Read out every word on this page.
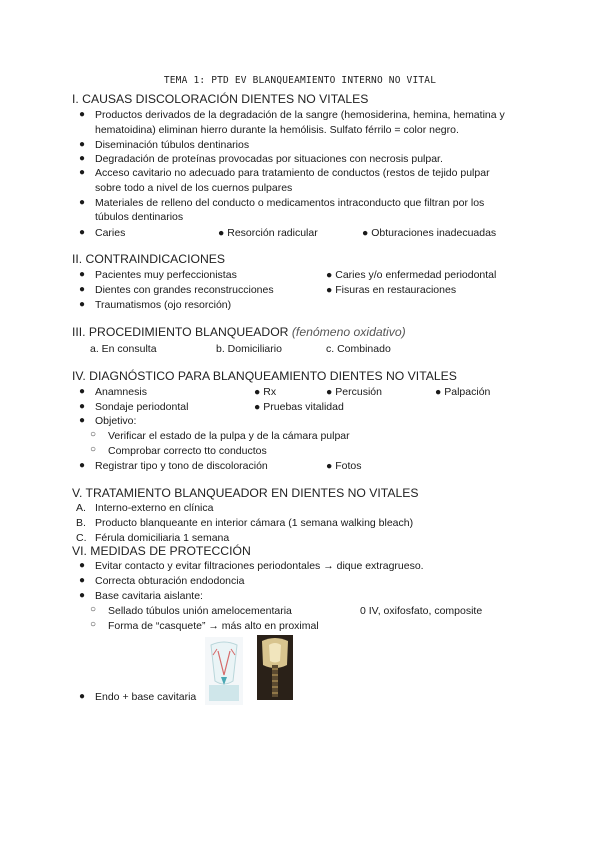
TEMA 1: PTD EV BLANQUEAMIENTO INTERNO NO VITAL
I. CAUSAS DISCOLORACIÓN DIENTES NO VITALES
● Productos derivados de la degradación de la sangre (hemosiderina, hemina, hematina y
hematoidina) eliminan hierro durante la hemólisis. Sulfato férrilo = color negro.
● Diseminación túbulos dentinarios
● Degradación de proteínas provocadas por situaciones con necrosis pulpar.
● Acceso cavitario no adecuado para tratamiento de conductos (restos de tejido pulpar
sobre todo a nivel de los cuernos pulpares
● Materiales de relleno del conducto o medicamentos intraconducto que filtran por los
túbulos dentinarios
● Caries	● Resorción radicular	● Obturaciones inadecuadas
II. CONTRAINDICACIONES
● Pacientes muy perfeccionistas	● Caries y/o enfermedad periodontal
● Dientes con grandes reconstrucciones	● Fisuras en restauraciones
● Traumatismos (ojo resorción)
III. PROCEDIMIENTO BLANQUEADOR (fenómeno oxidativo)
a. En consulta	b. Domiciliario	c. Combinado
IV. DIAGNÓSTICO PARA BLANQUEAMIENTO DIENTES NO VITALES
● Anamnesis	● Rx	● Percusión	● Palpación
● Sondaje periodontal	● Pruebas vitalidad
● Objetivo:
○ Verificar el estado de la pulpa y de la cámara pulpar
○ Comprobar correcto tto conductos
● Registrar tipo y tono de discoloración	● Fotos
V. TRATAMIENTO BLANQUEADOR EN DIENTES NO VITALES
A. Interno-externo en clínica
B. Producto blanqueante en interior cámara (1 semana walking bleach)
C. Férula domiciliaria 1 semana
VI. MEDIDAS DE PROTECCIÓN
● Evitar contacto y evitar filtraciones periodontales → dique extragrueso.
● Correcta obturación endodoncia
● Base cavitaria aislante:
○ Sellado túbulos unión amelocementaria	0 IV, oxifosfato, composite
○ Forma de “casquete” → más alto en proximal
● Endo + base cavitaria
